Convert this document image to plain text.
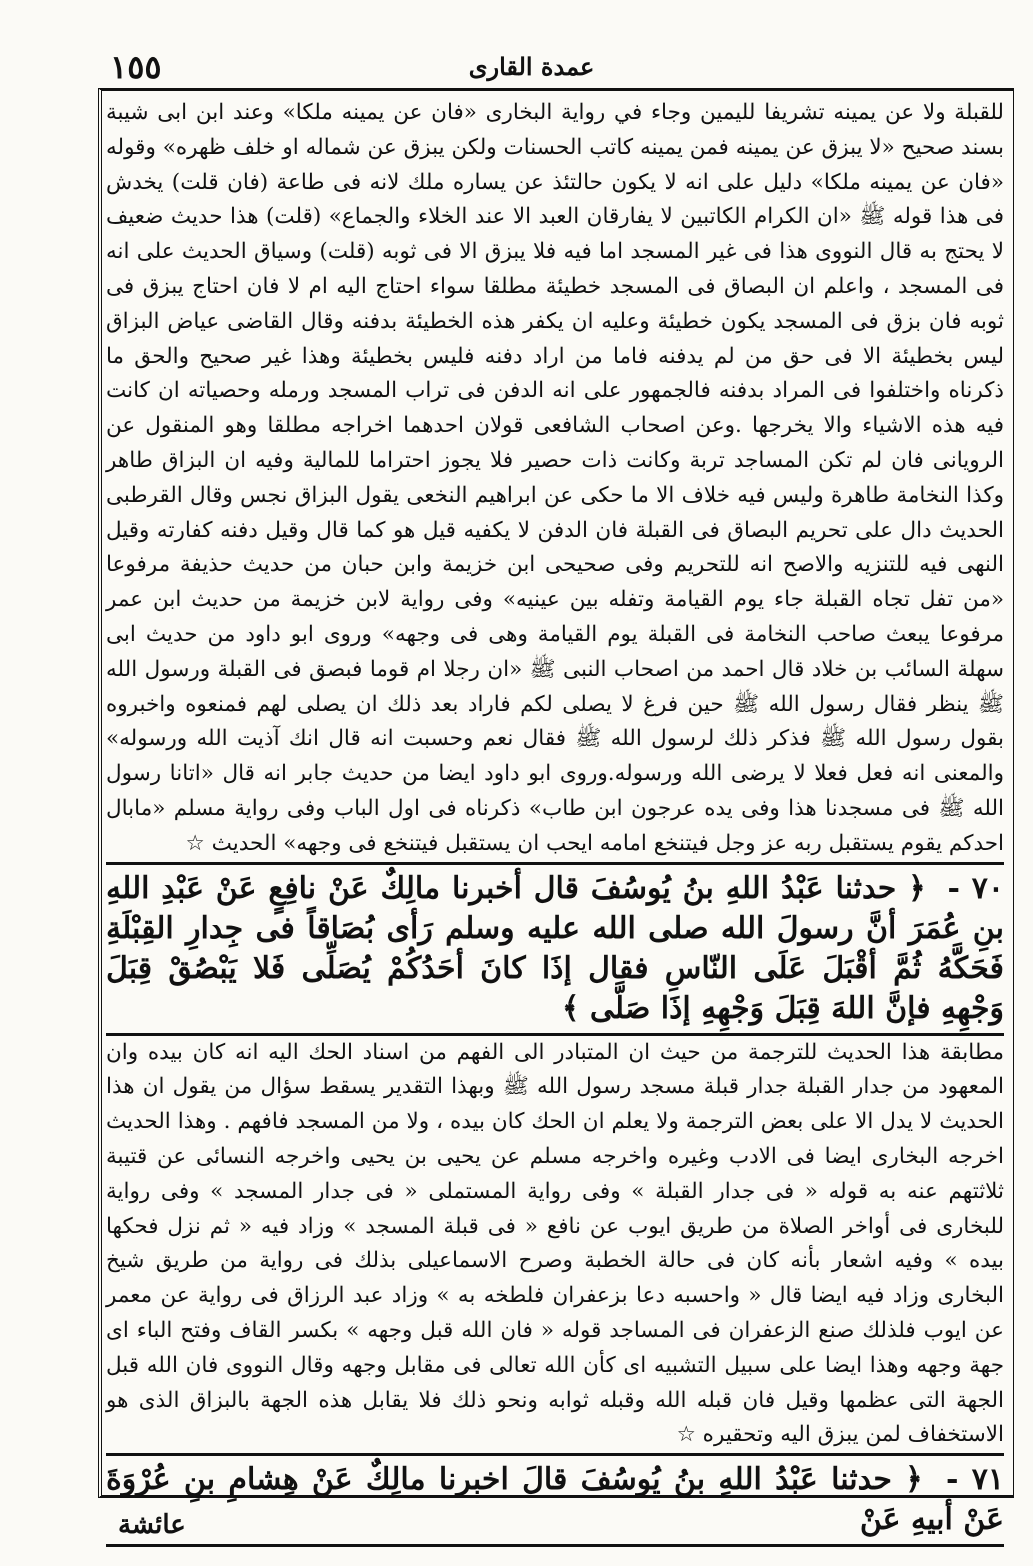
١٥٥	عمدة القارى

للقبلة ولا عن يمينه تشريفا لليمين وجاء في رواية البخارى «فان عن يمينه ملكا» وعند ابن ابى شيبة بسند صحيح «لا يبزق عن يمينه فمن يمينه كاتب الحسنات ولكن يبزق عن شماله او خلف ظهره» وقوله «فان عن يمينه ملكا» دليل على انه لا يكون حالتئذ عن يساره ملك لانه فى طاعة (فان قلت) يخدش فى هذا قوله ﷺ «ان الكرام الكاتبين لا يفارقان العبد الا عند الخلاء والجماع» (قلت) هذا حديث ضعيف لا يحتج به قال النووى هذا فى غير المسجد اما فيه فلا يبزق الا فى ثوبه (قلت) وسياق الحديث على انه فى المسجد ، واعلم ان البصاق فى المسجد خطيئة مطلقا سواء احتاج اليه ام لا فان احتاج يبزق فى ثوبه فان بزق فى المسجد يكون خطيئة وعليه ان يكفر هذه الخطيئة بدفنه وقال القاضى عياض البزاق ليس بخطيئة الا فى حق من لم يدفنه فاما من اراد دفنه فليس بخطيئة وهذا غير صحيح والحق ما ذكرناه واختلفوا فى المراد بدفنه فالجمهور على انه الدفن فى تراب المسجد ورمله وحصياته ان كانت فيه هذه الاشياء والا يخرجها .وعن اصحاب الشافعى قولان احدهما اخراجه مطلقا وهو المنقول عن الرويانى فان لم تكن المساجد تربة وكانت ذات حصير فلا يجوز احتراما للمالية وفيه ان البزاق طاهر وكذا النخامة طاهرة وليس فيه خلاف الا ما حكى عن ابراهيم النخعى يقول البزاق نجس وقال القرطبى الحديث دال على تحريم البصاق فى القبلة فان الدفن لا يكفيه قيل هو كما قال وقيل دفنه كفارته وقيل النهى فيه للتنزيه والاصح انه للتحريم وفى صحيحى ابن خزيمة وابن حبان من حديث حذيفة مرفوعا «من تفل تجاه القبلة جاء يوم القيامة وتفله بين عينيه» وفى رواية لابن خزيمة من حديث ابن عمر مرفوعا يبعث صاحب النخامة فى القبلة يوم القيامة وهى فى وجهه» وروى ابو داود من حديث ابى سهلة السائب بن خلاد قال احمد من اصحاب النبى ﷺ «ان رجلا ام قوما فبصق فى القبلة ورسول الله ﷺ ينظر فقال رسول الله ﷺ حين فرغ لا يصلى لكم فاراد بعد ذلك ان يصلى لهم فمنعوه واخبروه بقول رسول الله ﷺ فذكر ذلك لرسول الله ﷺ فقال نعم وحسبت انه قال انك آذيت الله ورسوله» والمعنى انه فعل فعلا لا يرضى الله ورسوله.وروى ابو داود ايضا من حديث جابر انه قال «اتانا رسول الله ﷺ فى مسجدنا هذا وفى يده عرجون ابن طاب» ذكرناه فى اول الباب وفى رواية مسلم «مابال احدكم يقوم يستقبل ربه عز وجل فيتنخع امامه ايحب ان يستقبل فيتنخع فى وجهه» الحديث ☆

٧٠ - ﴿ حدثنا عَبْدُ اللهِ بنُ يُوسُفَ قال أخبرنا مالِكٌ عَنْ نافِعٍ عَنْ عَبْدِ اللهِ بنِ عُمَرَ أنَّ رسولَ الله صلى الله عليه وسلم رَأى بُصَاقاً فى جِدارِ القِبْلَةِ فَحَكَّهُ ثُمَّ أقْبَلَ عَلَى النّاسِ فقال إذَا كانَ أحَدُكُمْ يُصَلِّى فَلا يَبْصُقْ قِبَلَ وَجْهِهِ فإنَّ اللهَ قِبَلَ وَجْهِهِ إذَا صَلَّى ﴾

مطابقة هذا الحديث للترجمة من حيث ان المتبادر الى الفهم من اسناد الحك اليه انه كان بيده وان المعهود من جدار القبلة جدار قبلة مسجد رسول الله ﷺ وبهذا التقدير يسقط سؤال من يقول ان هذا الحديث لا يدل الا على بعض الترجمة ولا يعلم ان الحك كان بيده ، ولا من المسجد فافهم . وهذا الحديث اخرجه البخارى ايضا فى الادب وغيره واخرجه مسلم عن يحيى بن يحيى واخرجه النسائى عن قتيبة ثلاثتهم عنه به قوله « فى جدار القبلة » وفى رواية المستملى « فى جدار المسجد » وفى رواية للبخارى فى أواخر الصلاة من طريق ايوب عن نافع « فى قبلة المسجد » وزاد فيه « ثم نزل فحكها بيده » وفيه اشعار بأنه كان فى حالة الخطبة وصرح الاسماعيلى بذلك فى رواية من طريق شيخ البخارى وزاد فيه ايضا قال « واحسبه دعا بزعفران فلطخه به » وزاد عبد الرزاق فى رواية عن معمر عن ايوب فلذلك صنع الزعفران فى المساجد قوله « فان الله قبل وجهه » بكسر القاف وفتح الباء اى جهة وجهه وهذا ايضا على سبيل التشبيه اى كأن الله تعالى فى مقابل وجهه وقال النووى فان الله قبل الجهة التى عظمها وقيل فان قبله الله وقبله ثوابه ونحو ذلك فلا يقابل هذه الجهة بالبزاق الذى هو الاستخفاف لمن يبزق اليه وتحقيره ☆

٧١ - ﴿ حدثنا عَبْدُ اللهِ بنُ يُوسُفَ قالَ اخبرنا مالِكٌ عَنْ هِشامِ بنِ عُرْوَةَ عَنْ أبيهِ عَنْ

عائشة
